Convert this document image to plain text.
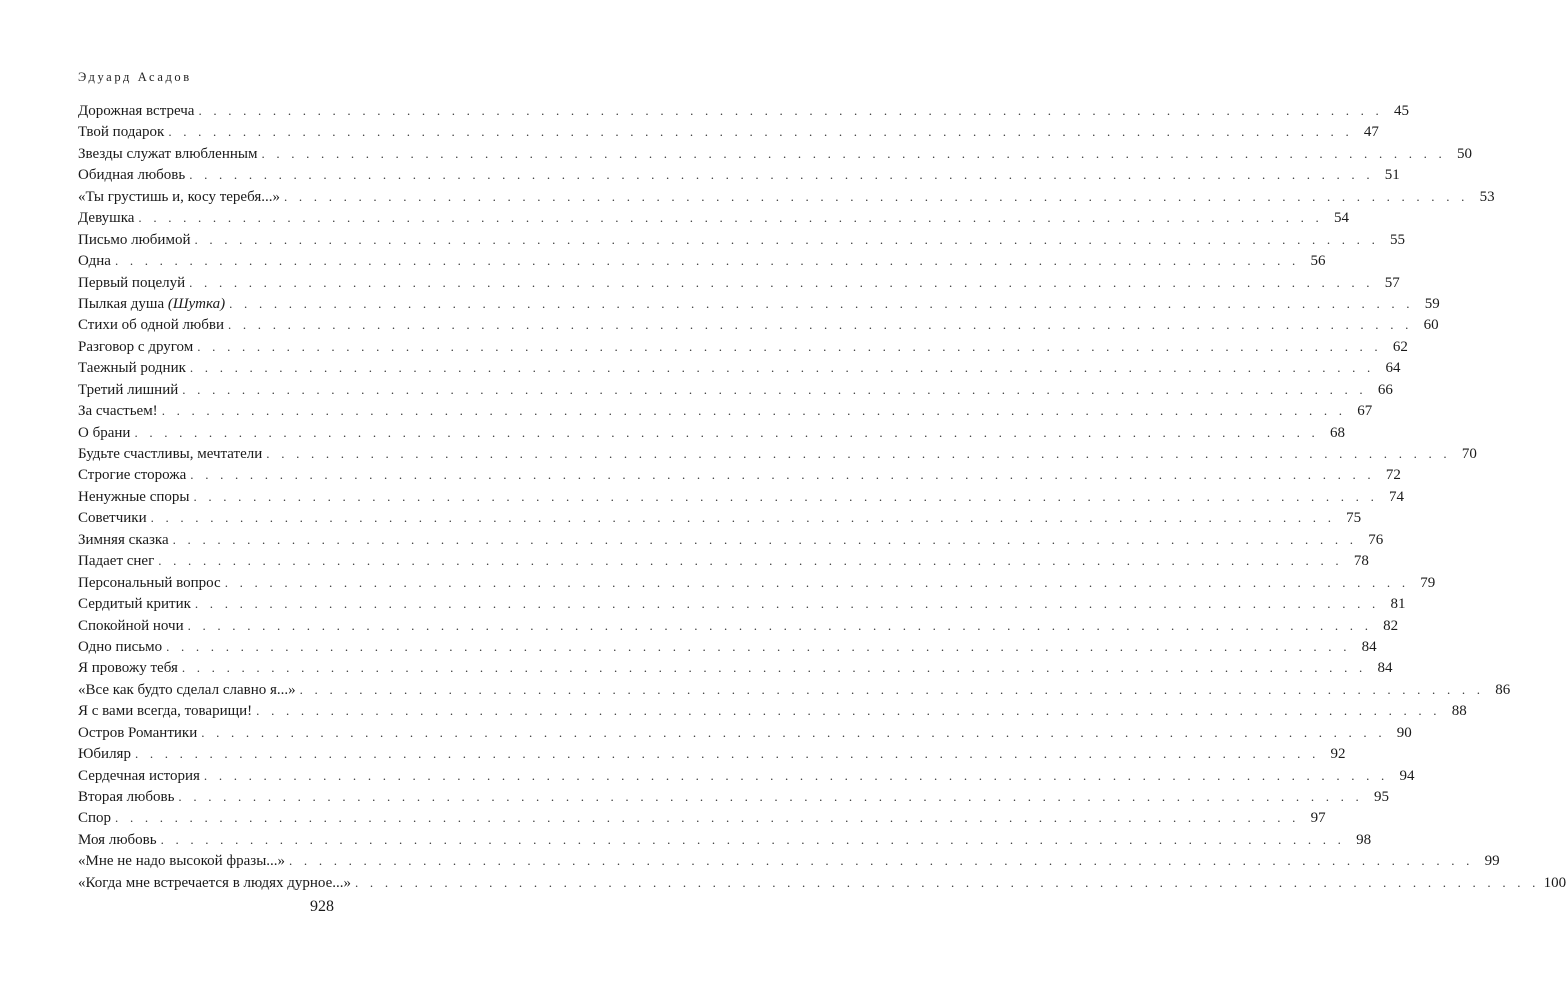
Эдуард Асадов
Дорожная встреча . . . . . . . . . . . . . . . . . . . . . . . . . . . . . . . . . . . . . . . . . . . . . . . . . . . . . . . . . . . . . . . . . . . . . . . . . . . . . . . . 45
Твой подарок . . . . . . . . . . . . . . . . . . . . . . . . . . . . . . . . . . . . . . . . . . . . . . . . . . . . . . . . . . . . . . . . . . . . . . . . . . . . . . . . 47
Звезды служат влюбленным . . . . . . . . . . . . . . . . . . . . . . . . . . . . . . . . . . . . . . . . . . . . . . . . . . . . . . . . . . . . . . . . . . . . . . . . . . . . . . . . 50
Обидная любовь . . . . . . . . . . . . . . . . . . . . . . . . . . . . . . . . . . . . . . . . . . . . . . . . . . . . . . . . . . . . . . . . . . . . . . . . . . . . . . . . 51
«Ты грустишь и, косу теребя...» . . . . . . . . . . . . . . . . . . . . . . . . . . . . . . . . . . . . . . . . . . . . . . . . . . . . . . . . . . . . . . . . . . . . . . . . . . . . . . . . 53
Девушка . . . . . . . . . . . . . . . . . . . . . . . . . . . . . . . . . . . . . . . . . . . . . . . . . . . . . . . . . . . . . . . . . . . . . . . . . . . . . . . . 54
Письмо любимой . . . . . . . . . . . . . . . . . . . . . . . . . . . . . . . . . . . . . . . . . . . . . . . . . . . . . . . . . . . . . . . . . . . . . . . . . . . . . . . . 55
Одна . . . . . . . . . . . . . . . . . . . . . . . . . . . . . . . . . . . . . . . . . . . . . . . . . . . . . . . . . . . . . . . . . . . . . . . . . . . . . . . . 56
Первый поцелуй . . . . . . . . . . . . . . . . . . . . . . . . . . . . . . . . . . . . . . . . . . . . . . . . . . . . . . . . . . . . . . . . . . . . . . . . . . . . . . . . 57
Пылкая душа (Шутка) . . . . . . . . . . . . . . . . . . . . . . . . . . . . . . . . . . . . . . . . . . . . . . . . . . . . . . . . . . . . . . . . . . . . . . . . . . . . . . . . 59
Стихи об одной любви . . . . . . . . . . . . . . . . . . . . . . . . . . . . . . . . . . . . . . . . . . . . . . . . . . . . . . . . . . . . . . . . . . . . . . . . . . . . . . . . 60
Разговор с другом . . . . . . . . . . . . . . . . . . . . . . . . . . . . . . . . . . . . . . . . . . . . . . . . . . . . . . . . . . . . . . . . . . . . . . . . . . . . . . . . 62
Таежный родник . . . . . . . . . . . . . . . . . . . . . . . . . . . . . . . . . . . . . . . . . . . . . . . . . . . . . . . . . . . . . . . . . . . . . . . . . . . . . . . . 64
Третий лишний . . . . . . . . . . . . . . . . . . . . . . . . . . . . . . . . . . . . . . . . . . . . . . . . . . . . . . . . . . . . . . . . . . . . . . . . . . . . . . . . 66
За счастьем! . . . . . . . . . . . . . . . . . . . . . . . . . . . . . . . . . . . . . . . . . . . . . . . . . . . . . . . . . . . . . . . . . . . . . . . . . . . . . . . . 67
О брани . . . . . . . . . . . . . . . . . . . . . . . . . . . . . . . . . . . . . . . . . . . . . . . . . . . . . . . . . . . . . . . . . . . . . . . . . . . . . . . . 68
Будьте счастливы, мечтатели . . . . . . . . . . . . . . . . . . . . . . . . . . . . . . . . . . . . . . . . . . . . . . . . . . . . . . . . . . . . . . . . . . . . . . . . . . . . . . . . 70
Строгие сторожа . . . . . . . . . . . . . . . . . . . . . . . . . . . . . . . . . . . . . . . . . . . . . . . . . . . . . . . . . . . . . . . . . . . . . . . . . . . . . . . . 72
Ненужные споры . . . . . . . . . . . . . . . . . . . . . . . . . . . . . . . . . . . . . . . . . . . . . . . . . . . . . . . . . . . . . . . . . . . . . . . . . . . . . . . . 74
Советчики . . . . . . . . . . . . . . . . . . . . . . . . . . . . . . . . . . . . . . . . . . . . . . . . . . . . . . . . . . . . . . . . . . . . . . . . . . . . . . . . 75
Зимняя сказка . . . . . . . . . . . . . . . . . . . . . . . . . . . . . . . . . . . . . . . . . . . . . . . . . . . . . . . . . . . . . . . . . . . . . . . . . . . . . . . . 76
Падает снег . . . . . . . . . . . . . . . . . . . . . . . . . . . . . . . . . . . . . . . . . . . . . . . . . . . . . . . . . . . . . . . . . . . . . . . . . . . . . . . . 78
Персональный вопрос . . . . . . . . . . . . . . . . . . . . . . . . . . . . . . . . . . . . . . . . . . . . . . . . . . . . . . . . . . . . . . . . . . . . . . . . . . . . . . . . 79
Сердитый критик . . . . . . . . . . . . . . . . . . . . . . . . . . . . . . . . . . . . . . . . . . . . . . . . . . . . . . . . . . . . . . . . . . . . . . . . . . . . . . . . 81
Спокойной ночи . . . . . . . . . . . . . . . . . . . . . . . . . . . . . . . . . . . . . . . . . . . . . . . . . . . . . . . . . . . . . . . . . . . . . . . . . . . . . . . . 82
Одно письмо . . . . . . . . . . . . . . . . . . . . . . . . . . . . . . . . . . . . . . . . . . . . . . . . . . . . . . . . . . . . . . . . . . . . . . . . . . . . . . . . 84
Я провожу тебя . . . . . . . . . . . . . . . . . . . . . . . . . . . . . . . . . . . . . . . . . . . . . . . . . . . . . . . . . . . . . . . . . . . . . . . . . . . . . . . . 84
«Все как будто сделал славно я...» . . . . . . . . . . . . . . . . . . . . . . . . . . . . . . . . . . . . . . . . . . . . . . . . . . . . . . . . . . . . . . . . . . . . . . . . . . . . . . . . 86
Я с вами всегда, товарищи! . . . . . . . . . . . . . . . . . . . . . . . . . . . . . . . . . . . . . . . . . . . . . . . . . . . . . . . . . . . . . . . . . . . . . . . . . . . . . . . . 88
Остров Романтики . . . . . . . . . . . . . . . . . . . . . . . . . . . . . . . . . . . . . . . . . . . . . . . . . . . . . . . . . . . . . . . . . . . . . . . . . . . . . . . . 90
Юбиляр . . . . . . . . . . . . . . . . . . . . . . . . . . . . . . . . . . . . . . . . . . . . . . . . . . . . . . . . . . . . . . . . . . . . . . . . . . . . . . . . 92
Сердечная история . . . . . . . . . . . . . . . . . . . . . . . . . . . . . . . . . . . . . . . . . . . . . . . . . . . . . . . . . . . . . . . . . . . . . . . . . . . . . . . . 94
Вторая любовь . . . . . . . . . . . . . . . . . . . . . . . . . . . . . . . . . . . . . . . . . . . . . . . . . . . . . . . . . . . . . . . . . . . . . . . . . . . . . . . . 95
Спор . . . . . . . . . . . . . . . . . . . . . . . . . . . . . . . . . . . . . . . . . . . . . . . . . . . . . . . . . . . . . . . . . . . . . . . . . . . . . . . . 97
Моя любовь . . . . . . . . . . . . . . . . . . . . . . . . . . . . . . . . . . . . . . . . . . . . . . . . . . . . . . . . . . . . . . . . . . . . . . . . . . . . . . . . 98
«Мне не надо высокой фразы...» . . . . . . . . . . . . . . . . . . . . . . . . . . . . . . . . . . . . . . . . . . . . . . . . . . . . . . . . . . . . . . . . . . . . . . . . . . . . . . . . 99
«Когда мне встречается в людях дурное...» . . . . . . . . . . . . . . . . . . . . . . . . . . . . . . . . . . . . . . . . . . . . . . . . . . . . . . . . . . . . . . . . . . . . . . . . . . . . . . . . 100
928
